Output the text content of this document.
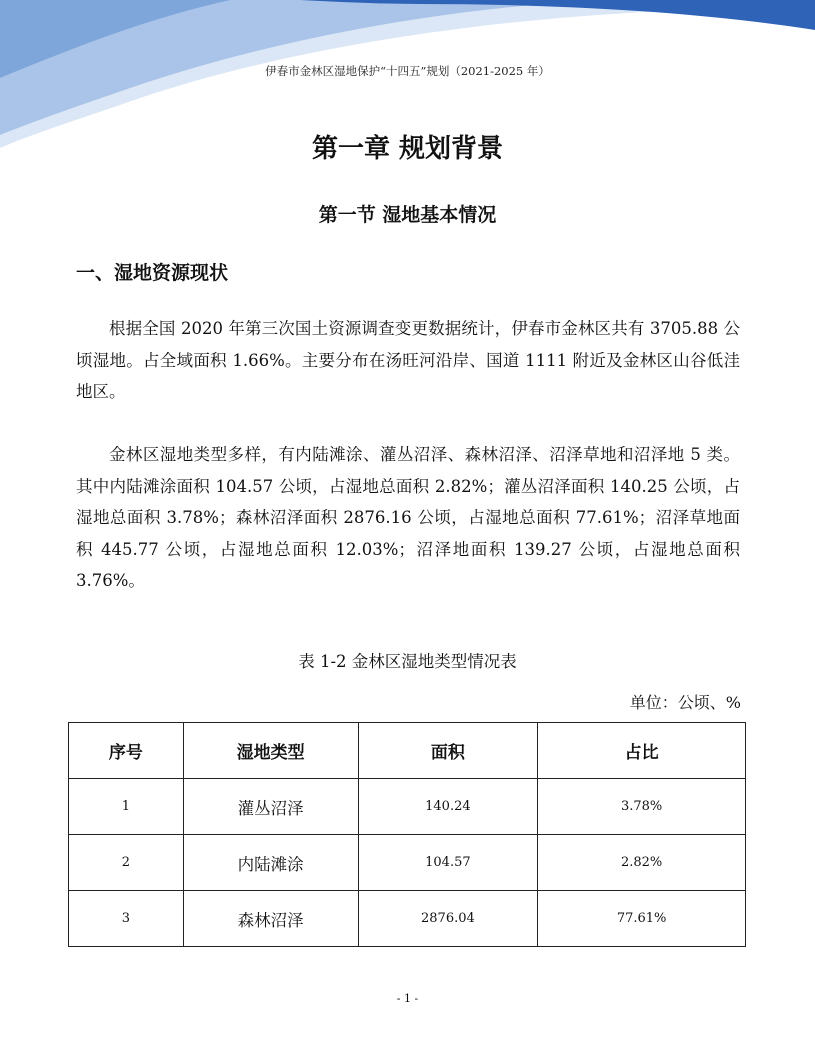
伊春市金林区湿地保护“十四五”规划（2021-2025 年）
第一章 规划背景
第一节 湿地基本情况
一、湿地资源现状

根据全国 2020 年第三次国土资源调查变更数据统计，伊春市金林区共有 3705.88 公顷湿地。占全域面积 1.66%。主要分布在汤旺河沿岸、国道 1111 附近及金林区山谷低洼地区。

金林区湿地类型多样，有内陆滩涂、灌丛沼泽、森林沼泽、沼泽草地和沼泽地 5 类。其中内陆滩涂面积 104.57 公顷，占湿地总面积 2.82%；灌丛沼泽面积 140.25 公顷，占湿地总面积 3.78%；森林沼泽面积 2876.16 公顷，占湿地总面积 77.61%；沼泽草地面积 445.77 公顷，占湿地总面积 12.03%；沼泽地面积 139.27 公顷，占湿地总面积 3.76%。

表 1-2 金林区湿地类型情况表
单位：公顷、%
序号	湿地类型	面积	占比
1	灌丛沼泽	140.24	3.78%
2	内陆滩涂	104.57	2.82%
3	森林沼泽	2876.04	77.61%
- 1 -
